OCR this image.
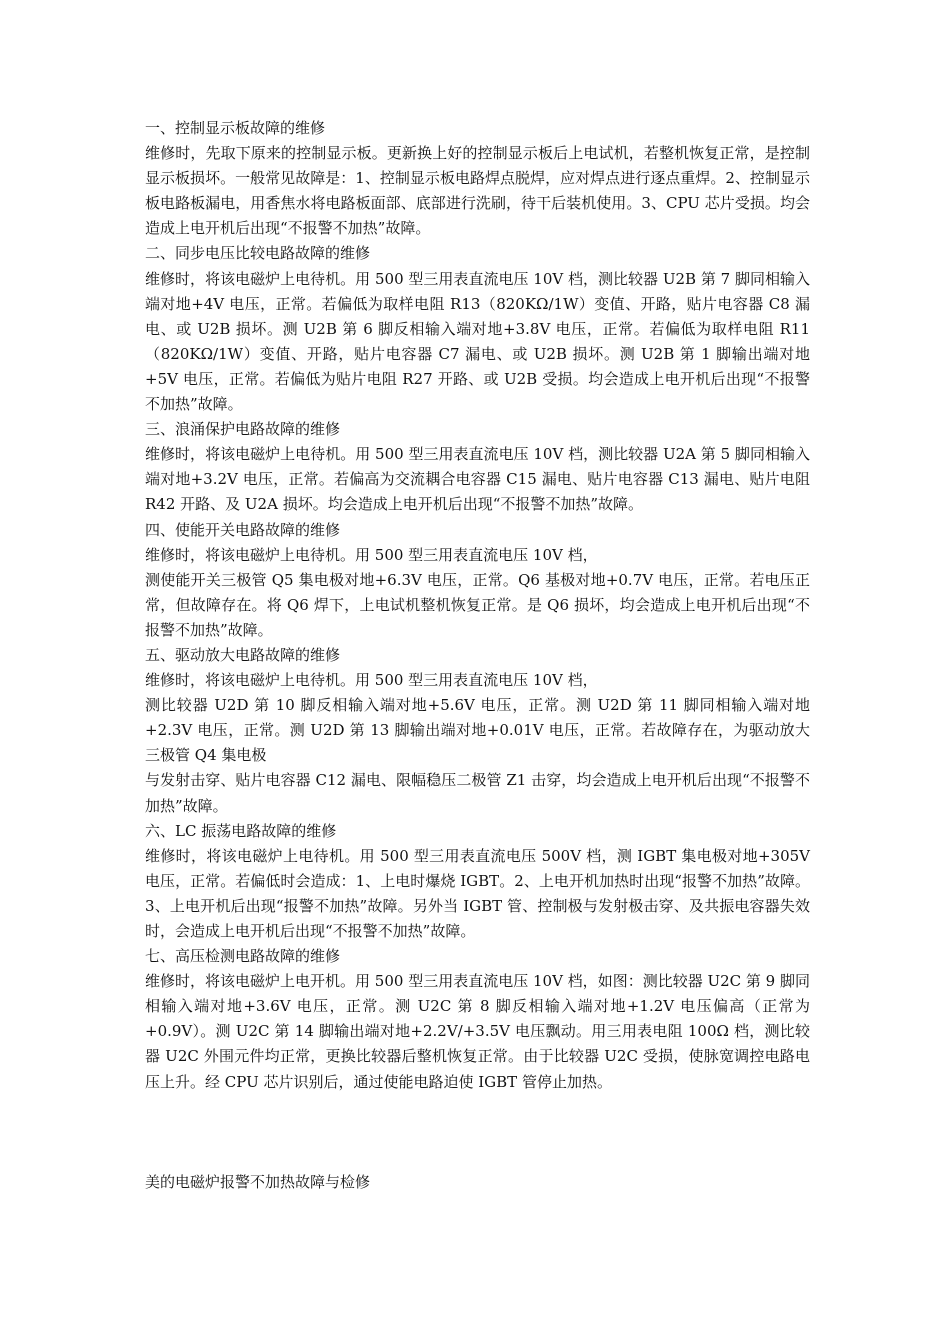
一、控制显示板故障的维修

维修时，先取下原来的控制显示板。更新换上好的控制显示板后上电试机，若整机恢复正常，是控制显示板损坏。一般常见故障是：1、控制显示板电路焊点脱焊，应对焊点进行逐点重焊。2、控制显示板电路板漏电，用香焦水将电路板面部、底部进行洗刷，待干后装机使用。3、CPU 芯片受损。均会造成上电开机后出现“不报警不加热”故障。

二、同步电压比较电路故障的维修

维修时，将该电磁炉上电待机。用 500 型三用表直流电压 10V 档，测比较器 U2B 第 7 脚同相输入端对地+4V 电压，正常。若偏低为取样电阻 R13（820KΩ/1W）变值、开路，贴片电容器 C8 漏电、或 U2B 损坏。测 U2B 第 6 脚反相输入端对地+3.8V 电压，正常。若偏低为取样电阻 R11（820KΩ/1W）变值、开路，贴片电容器 C7 漏电、或 U2B 损坏。测 U2B 第 1 脚输出端对地+5V 电压，正常。若偏低为贴片电阻 R27 开路、或 U2B 受损。均会造成上电开机后出现“不报警不加热”故障。

三、浪涌保护电路故障的维修

维修时，将该电磁炉上电待机。用 500 型三用表直流电压 10V 档，测比较器 U2A 第 5 脚同相输入端对地+3.2V 电压，正常。若偏高为交流耦合电容器 C15 漏电、贴片电容器 C13 漏电、贴片电阻 R42 开路、及 U2A 损坏。均会造成上电开机后出现“不报警不加热”故障。

四、使能开关电路故障的维修

维修时，将该电磁炉上电待机。用 500 型三用表直流电压 10V 档，

测使能开关三极管 Q5 集电极对地+6.3V 电压，正常。Q6 基极对地+0.7V 电压，正常。若电压正常，但故障存在。将 Q6 焊下，上电试机整机恢复正常。是 Q6 损坏，均会造成上电开机后出现“不报警不加热”故障。

五、驱动放大电路故障的维修

维修时，将该电磁炉上电待机。用 500 型三用表直流电压 10V 档，

测比较器 U2D 第 10 脚反相输入端对地+5.6V 电压，正常。测 U2D 第 11 脚同相输入端对地+2.3V 电压，正常。测 U2D 第 13 脚输出端对地+0.01V 电压，正常。若故障存在，为驱动放大三极管 Q4 集电极

与发射击穿、贴片电容器 C12 漏电、限幅稳压二极管 Z1 击穿，均会造成上电开机后出现“不报警不加热”故障。

六、LC 振荡电路故障的维修

维修时，将该电磁炉上电待机。用 500 型三用表直流电压 500V 档，测 IGBT 集电极对地+305V 电压，正常。若偏低时会造成：1、上电时爆烧 IGBT。2、上电开机加热时出现“报警不加热”故障。3、上电开机后出现“报警不加热”故障。另外当 IGBT 管、控制极与发射极击穿、及共振电容器失效时，会造成上电开机后出现“不报警不加热”故障。

七、高压检测电路故障的维修

维修时，将该电磁炉上电开机。用 500 型三用表直流电压 10V 档，如图：测比较器 U2C 第 9 脚同相输入端对地+3.6V 电压，正常。测 U2C 第 8 脚反相输入端对地+1.2V 电压偏高（正常为+0.9V）。测 U2C 第 14 脚输出端对地+2.2V/+3.5V 电压飘动。用三用表电阻 100Ω 档，测比较器 U2C 外围元件均正常，更换比较器后整机恢复正常。由于比较器 U2C 受损，使脉宽调控电路电压上升。经 CPU 芯片识别后，通过使能电路迫使 IGBT 管停止加热。

美的电磁炉报警不加热故障与检修
